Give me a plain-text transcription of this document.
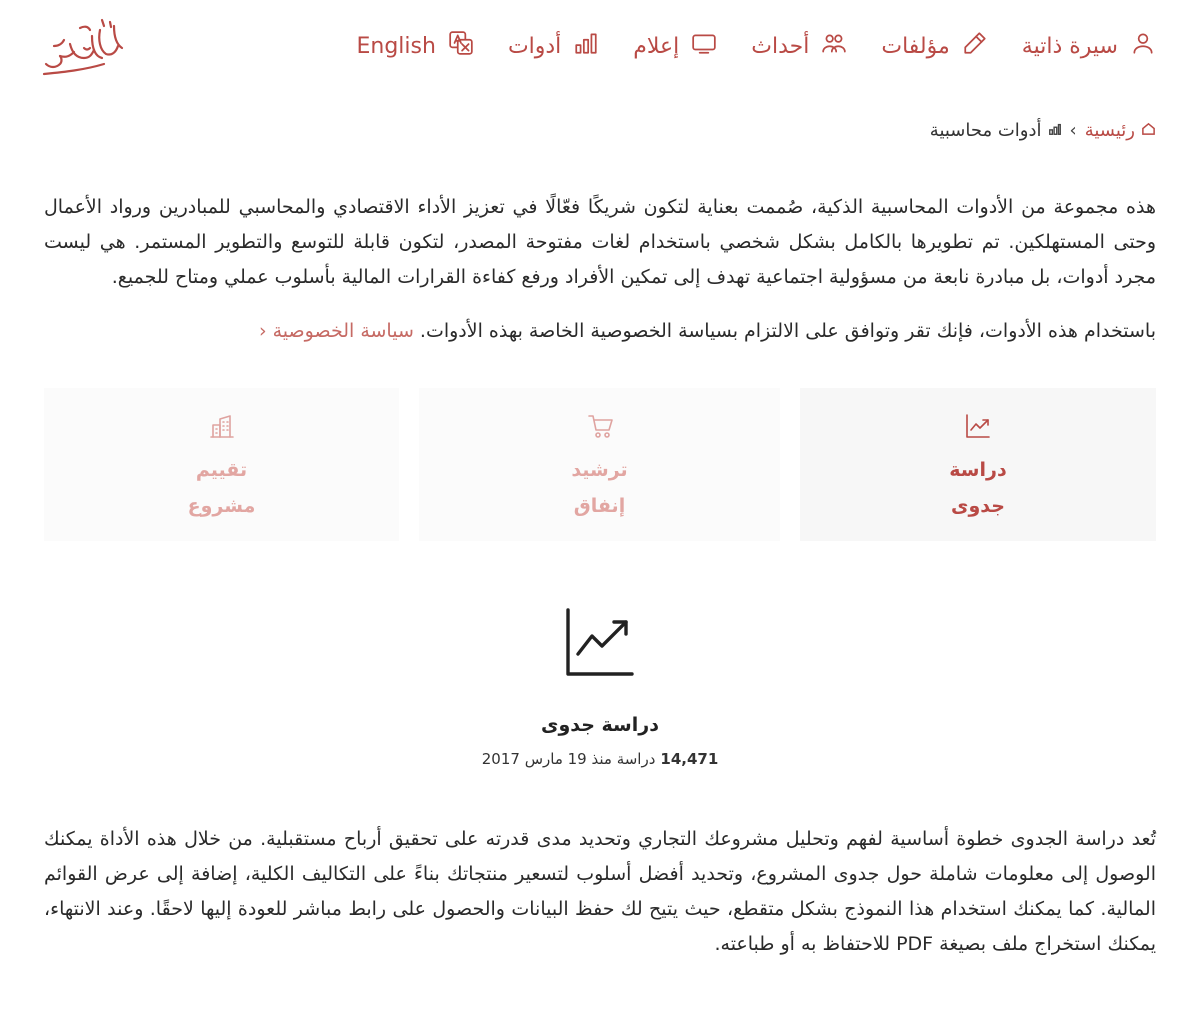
سيرة ذاتية
مؤلفات
أحداث
إعلام
أدوات
English
رئيسية
›
أدوات محاسبية

هذه مجموعة من الأدوات المحاسبية الذكية، صُممت بعناية لتكون شريكًا فعّالًا في تعزيز الأداء الاقتصادي والمحاسبي للمبادرين ورواد الأعمال وحتى المستهلكين. تم تطويرها بالكامل بشكل شخصي باستخدام لغات مفتوحة المصدر، لتكون قابلة للتوسع والتطوير المستمر. هي ليست مجرد أدوات، بل مبادرة نابعة من مسؤولية اجتماعية تهدف إلى تمكين الأفراد ورفع كفاءة القرارات المالية بأسلوب عملي ومتاح للجميع.

باستخدام هذه الأدوات، فإنك تقر وتوافق على الالتزام بسياسة الخصوصية الخاصة بهذه الأدوات. سياسة الخصوصية ‹

دراسة جدوى
ترشيد إنفاق
تقييم مشروع
دراسة جدوى
14,471
دراسة منذ 19 مارس 2017

تُعد دراسة الجدوى خطوة أساسية لفهم وتحليل مشروعك التجاري وتحديد مدى قدرته على تحقيق أرباح مستقبلية. من خلال هذه الأداة يمكنك الوصول إلى معلومات شاملة حول جدوى المشروع، وتحديد أفضل أسلوب لتسعير منتجاتك بناءً على التكاليف الكلية، إضافة إلى عرض القوائم المالية. كما يمكنك استخدام هذا النموذج بشكل متقطع، حيث يتيح لك حفظ البيانات والحصول على رابط مباشر للعودة إليها لاحقًا. وعند الانتهاء، يمكنك استخراج ملف بصيغة PDF للاحتفاظ به أو طباعته.
